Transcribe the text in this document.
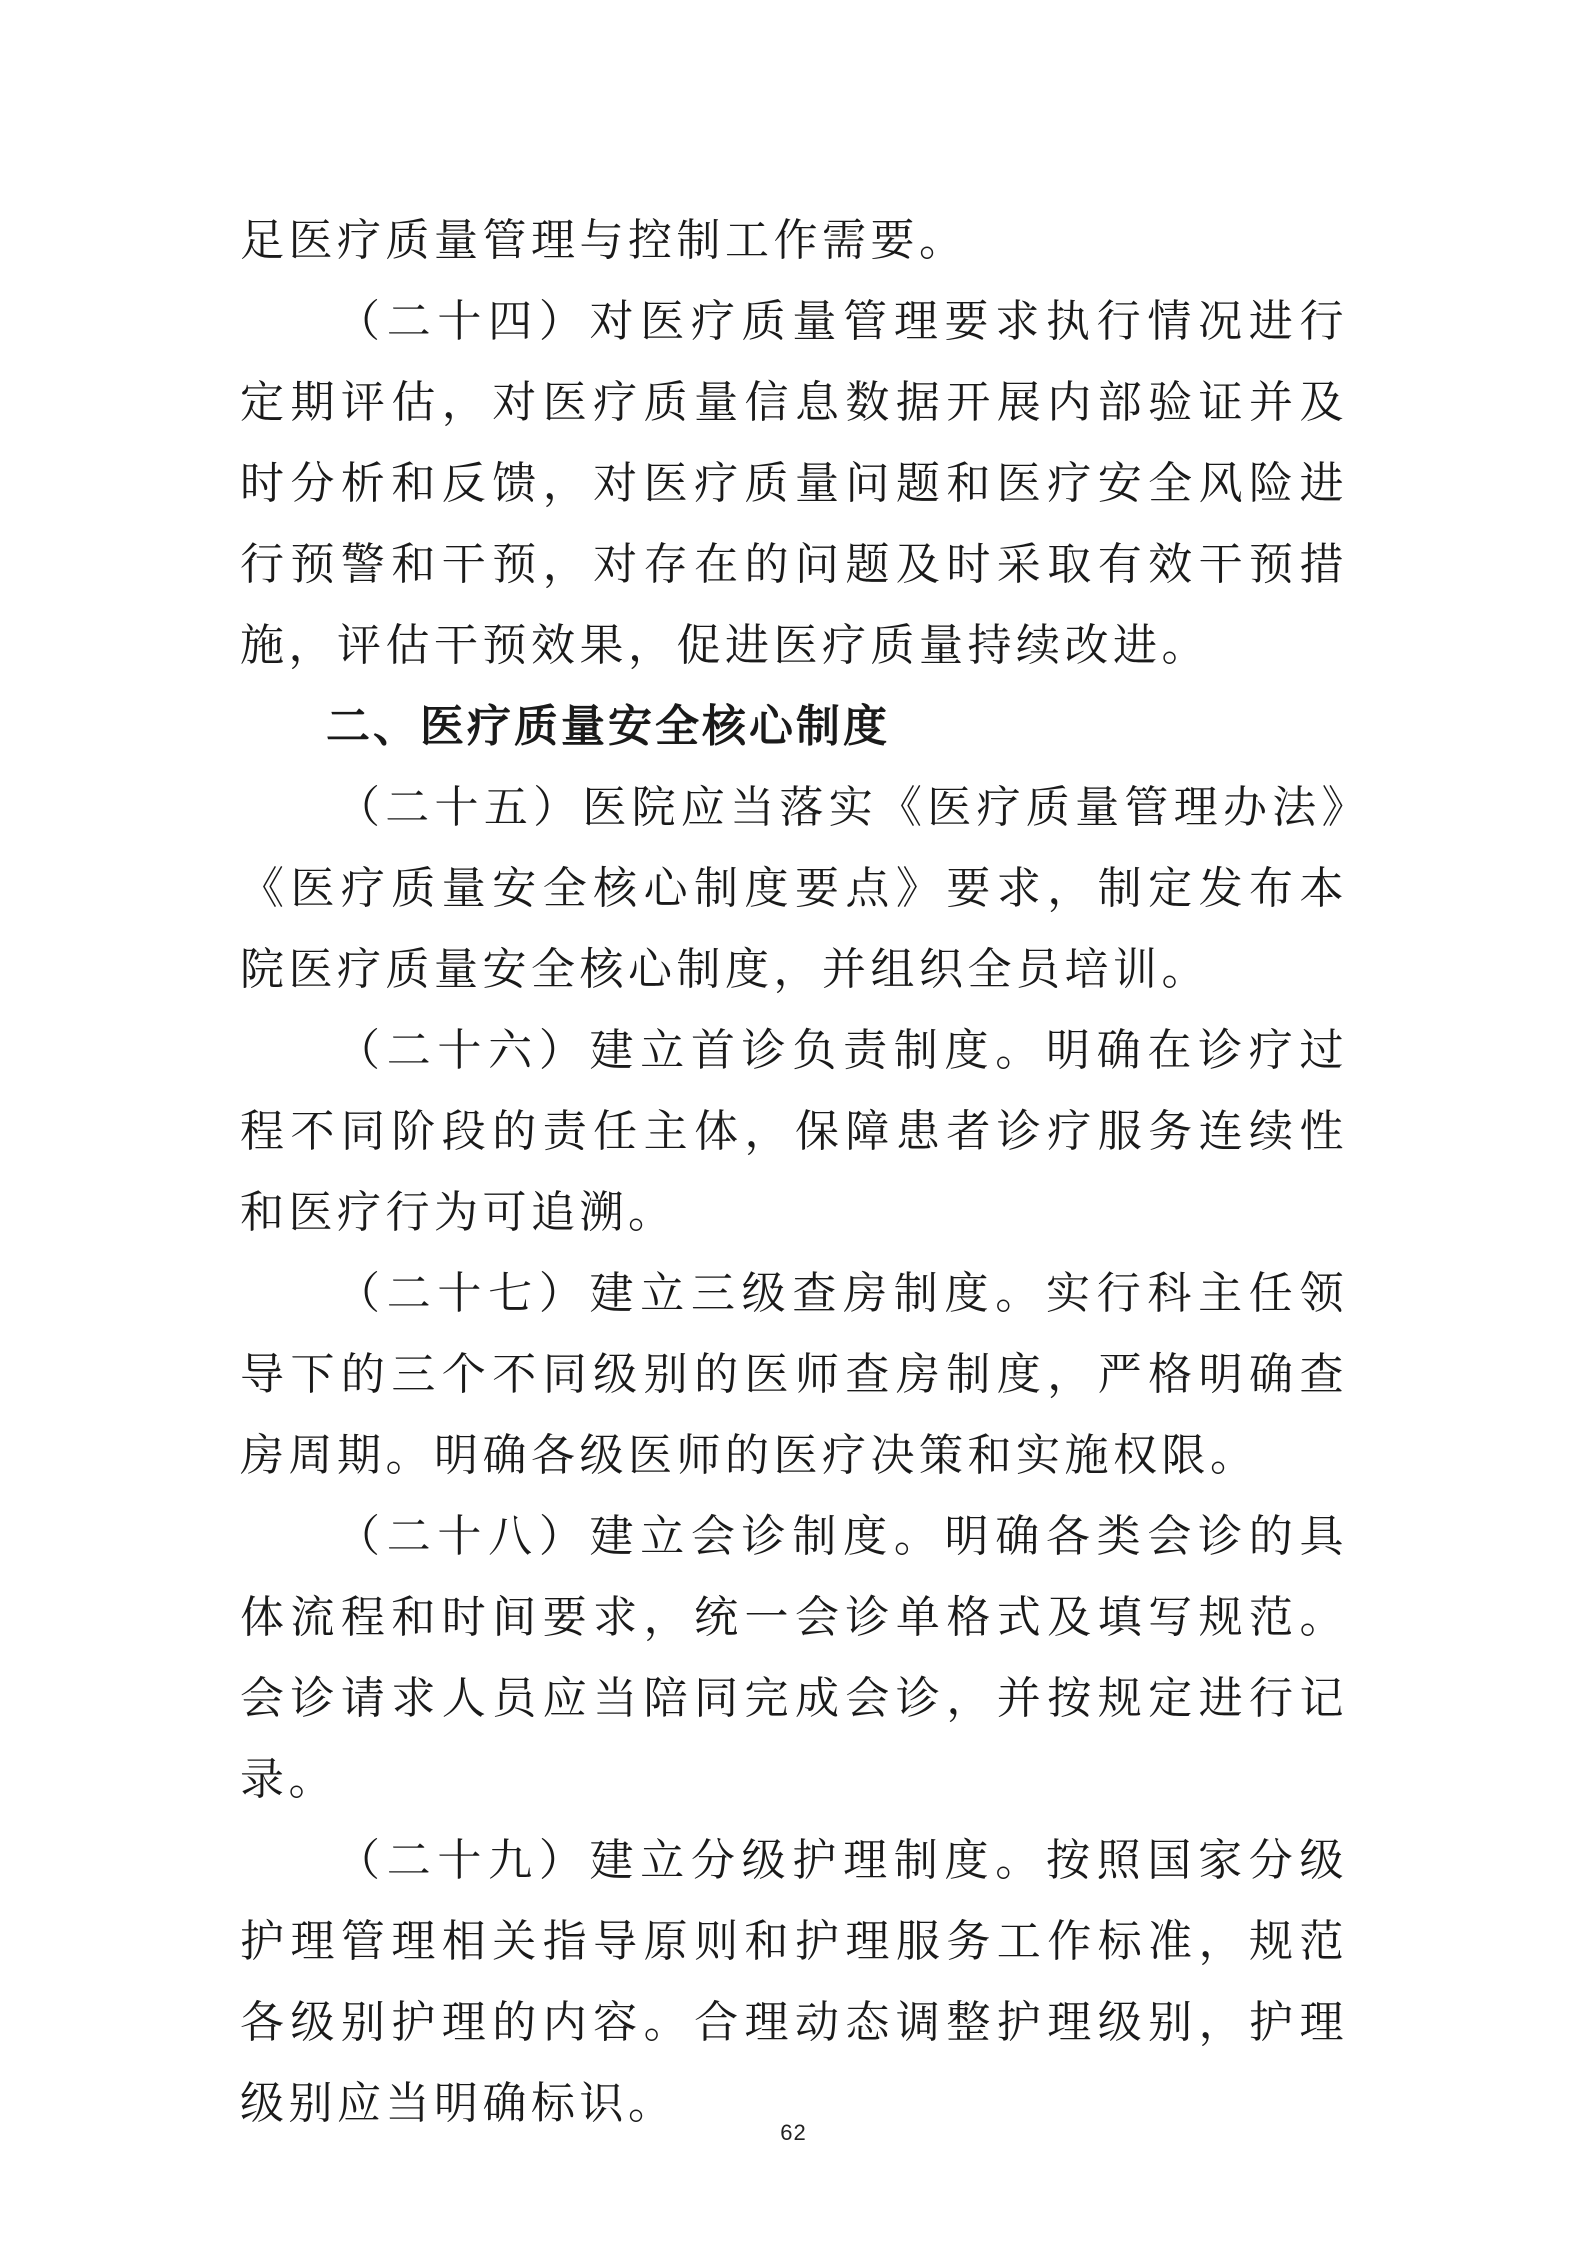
足医疗质量管理与控制工作需要。

（二十四）对医疗质量管理要求执行情况进行定期评估，对医疗质量信息数据开展内部验证并及时分析和反馈，对医疗质量问题和医疗安全风险进行预警和干预，对存在的问题及时采取有效干预措施，评估干预效果，促进医疗质量持续改进。

二、医疗质量安全核心制度

（二十五）医院应当落实《医疗质量管理办法》《医疗质量安全核心制度要点》要求，制定发布本院医疗质量安全核心制度，并组织全员培训。

（二十六）建立首诊负责制度。明确在诊疗过程不同阶段的责任主体，保障患者诊疗服务连续性和医疗行为可追溯。

（二十七）建立三级查房制度。实行科主任领导下的三个不同级别的医师查房制度，严格明确查房周期。明确各级医师的医疗决策和实施权限。

（二十八）建立会诊制度。明确各类会诊的具体流程和时间要求，统一会诊单格式及填写规范。会诊请求人员应当陪同完成会诊，并按规定进行记录。

（二十九）建立分级护理制度。按照国家分级护理管理相关指导原则和护理服务工作标准，规范各级别护理的内容。合理动态调整护理级别，护理级别应当明确标识。

62
